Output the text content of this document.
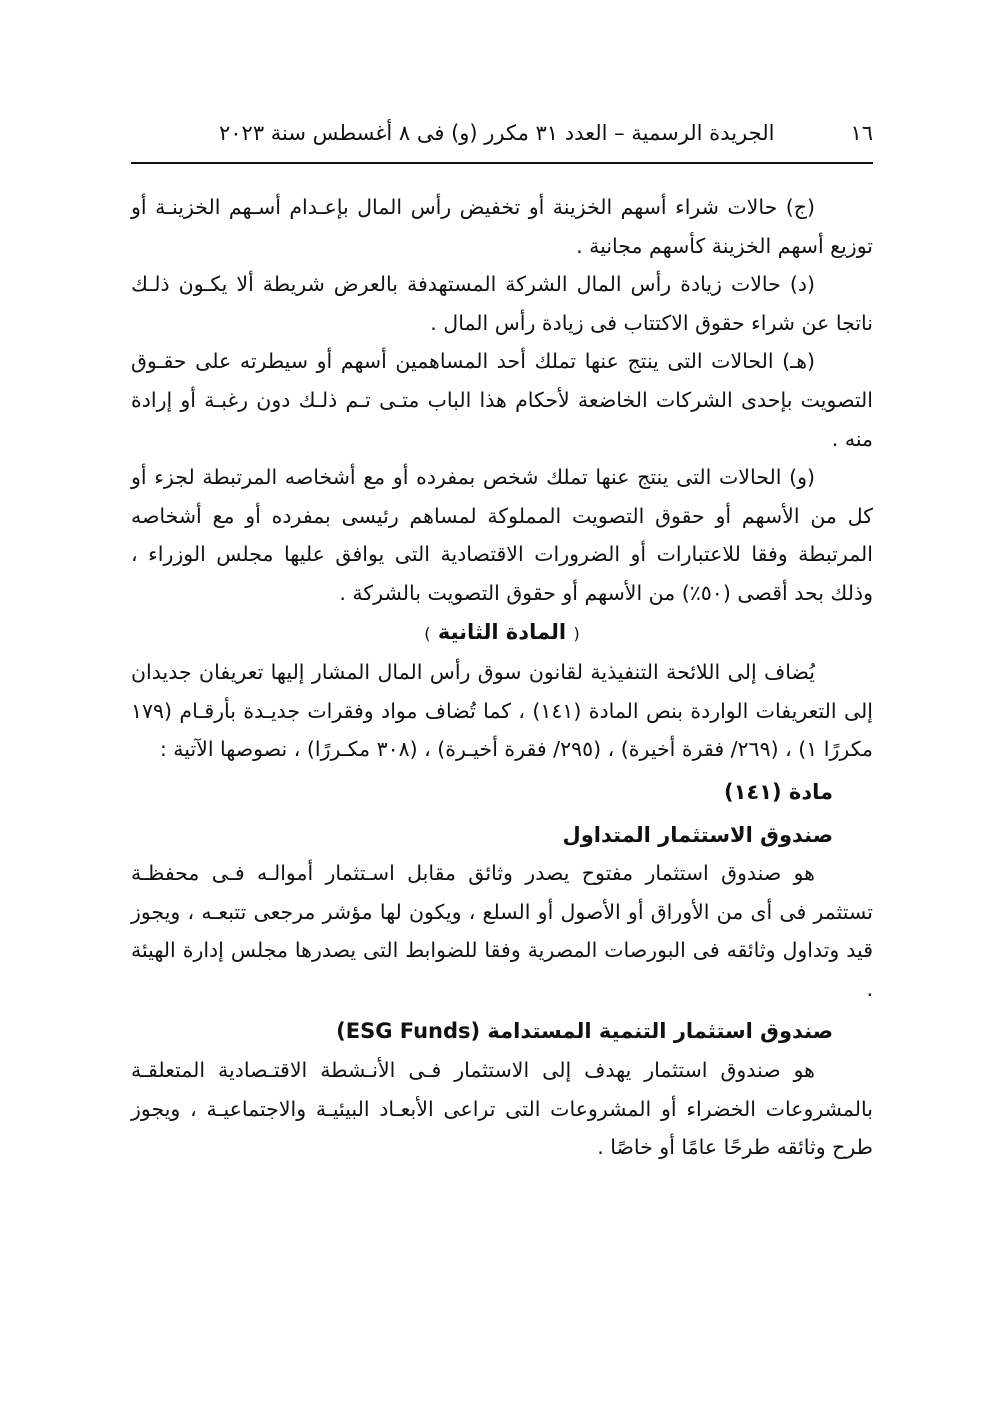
١٦
الجريدة الرسمية – العدد ٣١ مكرر (و) فى ٨ أغسطس سنة ٢٠٢٣

(ج) حالات شراء أسهم الخزينة أو تخفيض رأس المال بإعـدام أسـهم الخزينـة أو توزيع أسهم الخزينة كأسهم مجانية .

(د) حالات زيادة رأس المال الشركة المستهدفة بالعرض شريطة ألا يكـون ذلـك ناتجا عن شراء حقوق الاكتتاب فى زيادة رأس المال .

(هـ) الحالات التى ينتج عنها تملك أحد المساهمين أسهم أو سيطرته على حقـوق التصويت بإحدى الشركات الخاضعة لأحكام هذا الباب متـى تـم ذلـك دون رغبـة أو إرادة منه .

(و) الحالات التى ينتج عنها تملك شخص بمفرده أو مع أشخاصه المرتبطة لجزء أو كل من الأسهم أو حقوق التصويت المملوكة لمساهم رئيسى بمفرده أو مع أشخاصه المرتبطة وفقا للاعتبارات أو الضرورات الاقتصادية التى يوافق عليها مجلس الوزراء ، وذلك بحد أقصى (٥٠٪) من الأسهم أو حقوق التصويت بالشركة .

( المادة الثانية )

يُضاف إلى اللائحة التنفيذية لقانون سوق رأس المال المشار إليها تعريفان جديدان إلى التعريفات الواردة بنص المادة (١٤١) ، كما تُضاف مواد وفقرات جديـدة بأرقـام (١٧٩ مكررًا ١) ، (٢٦٩/ فقرة أخيرة) ، (٢٩٥/ فقرة أخيـرة) ، (٣٠٨ مكـررًا) ، نصوصها الآتية :

مادة (١٤١)

صندوق الاستثمار المتداول

هو صندوق استثمار مفتوح يصدر وثائق مقابل اسـتثمار أموالـه فـى محفظـة تستثمر فى أى من الأوراق أو الأصول أو السلع ، ويكون لها مؤشر مرجعى تتبعـه ، ويجوز قيد وتداول وثائقه فى البورصات المصرية وفقا للضوابط التى يصدرها مجلس إدارة الهيئة .

صندوق استثمار التنمية المستدامة (ESG Funds)

هو صندوق استثمار يهدف إلى الاستثمار فـى الأنـشطة الاقتـصادية المتعلقـة بالمشروعات الخضراء أو المشروعات التى تراعى الأبعـاد البيئيـة والاجتماعيـة ، ويجوز طرح وثائقه طرحًا عامًا أو خاصًا .
